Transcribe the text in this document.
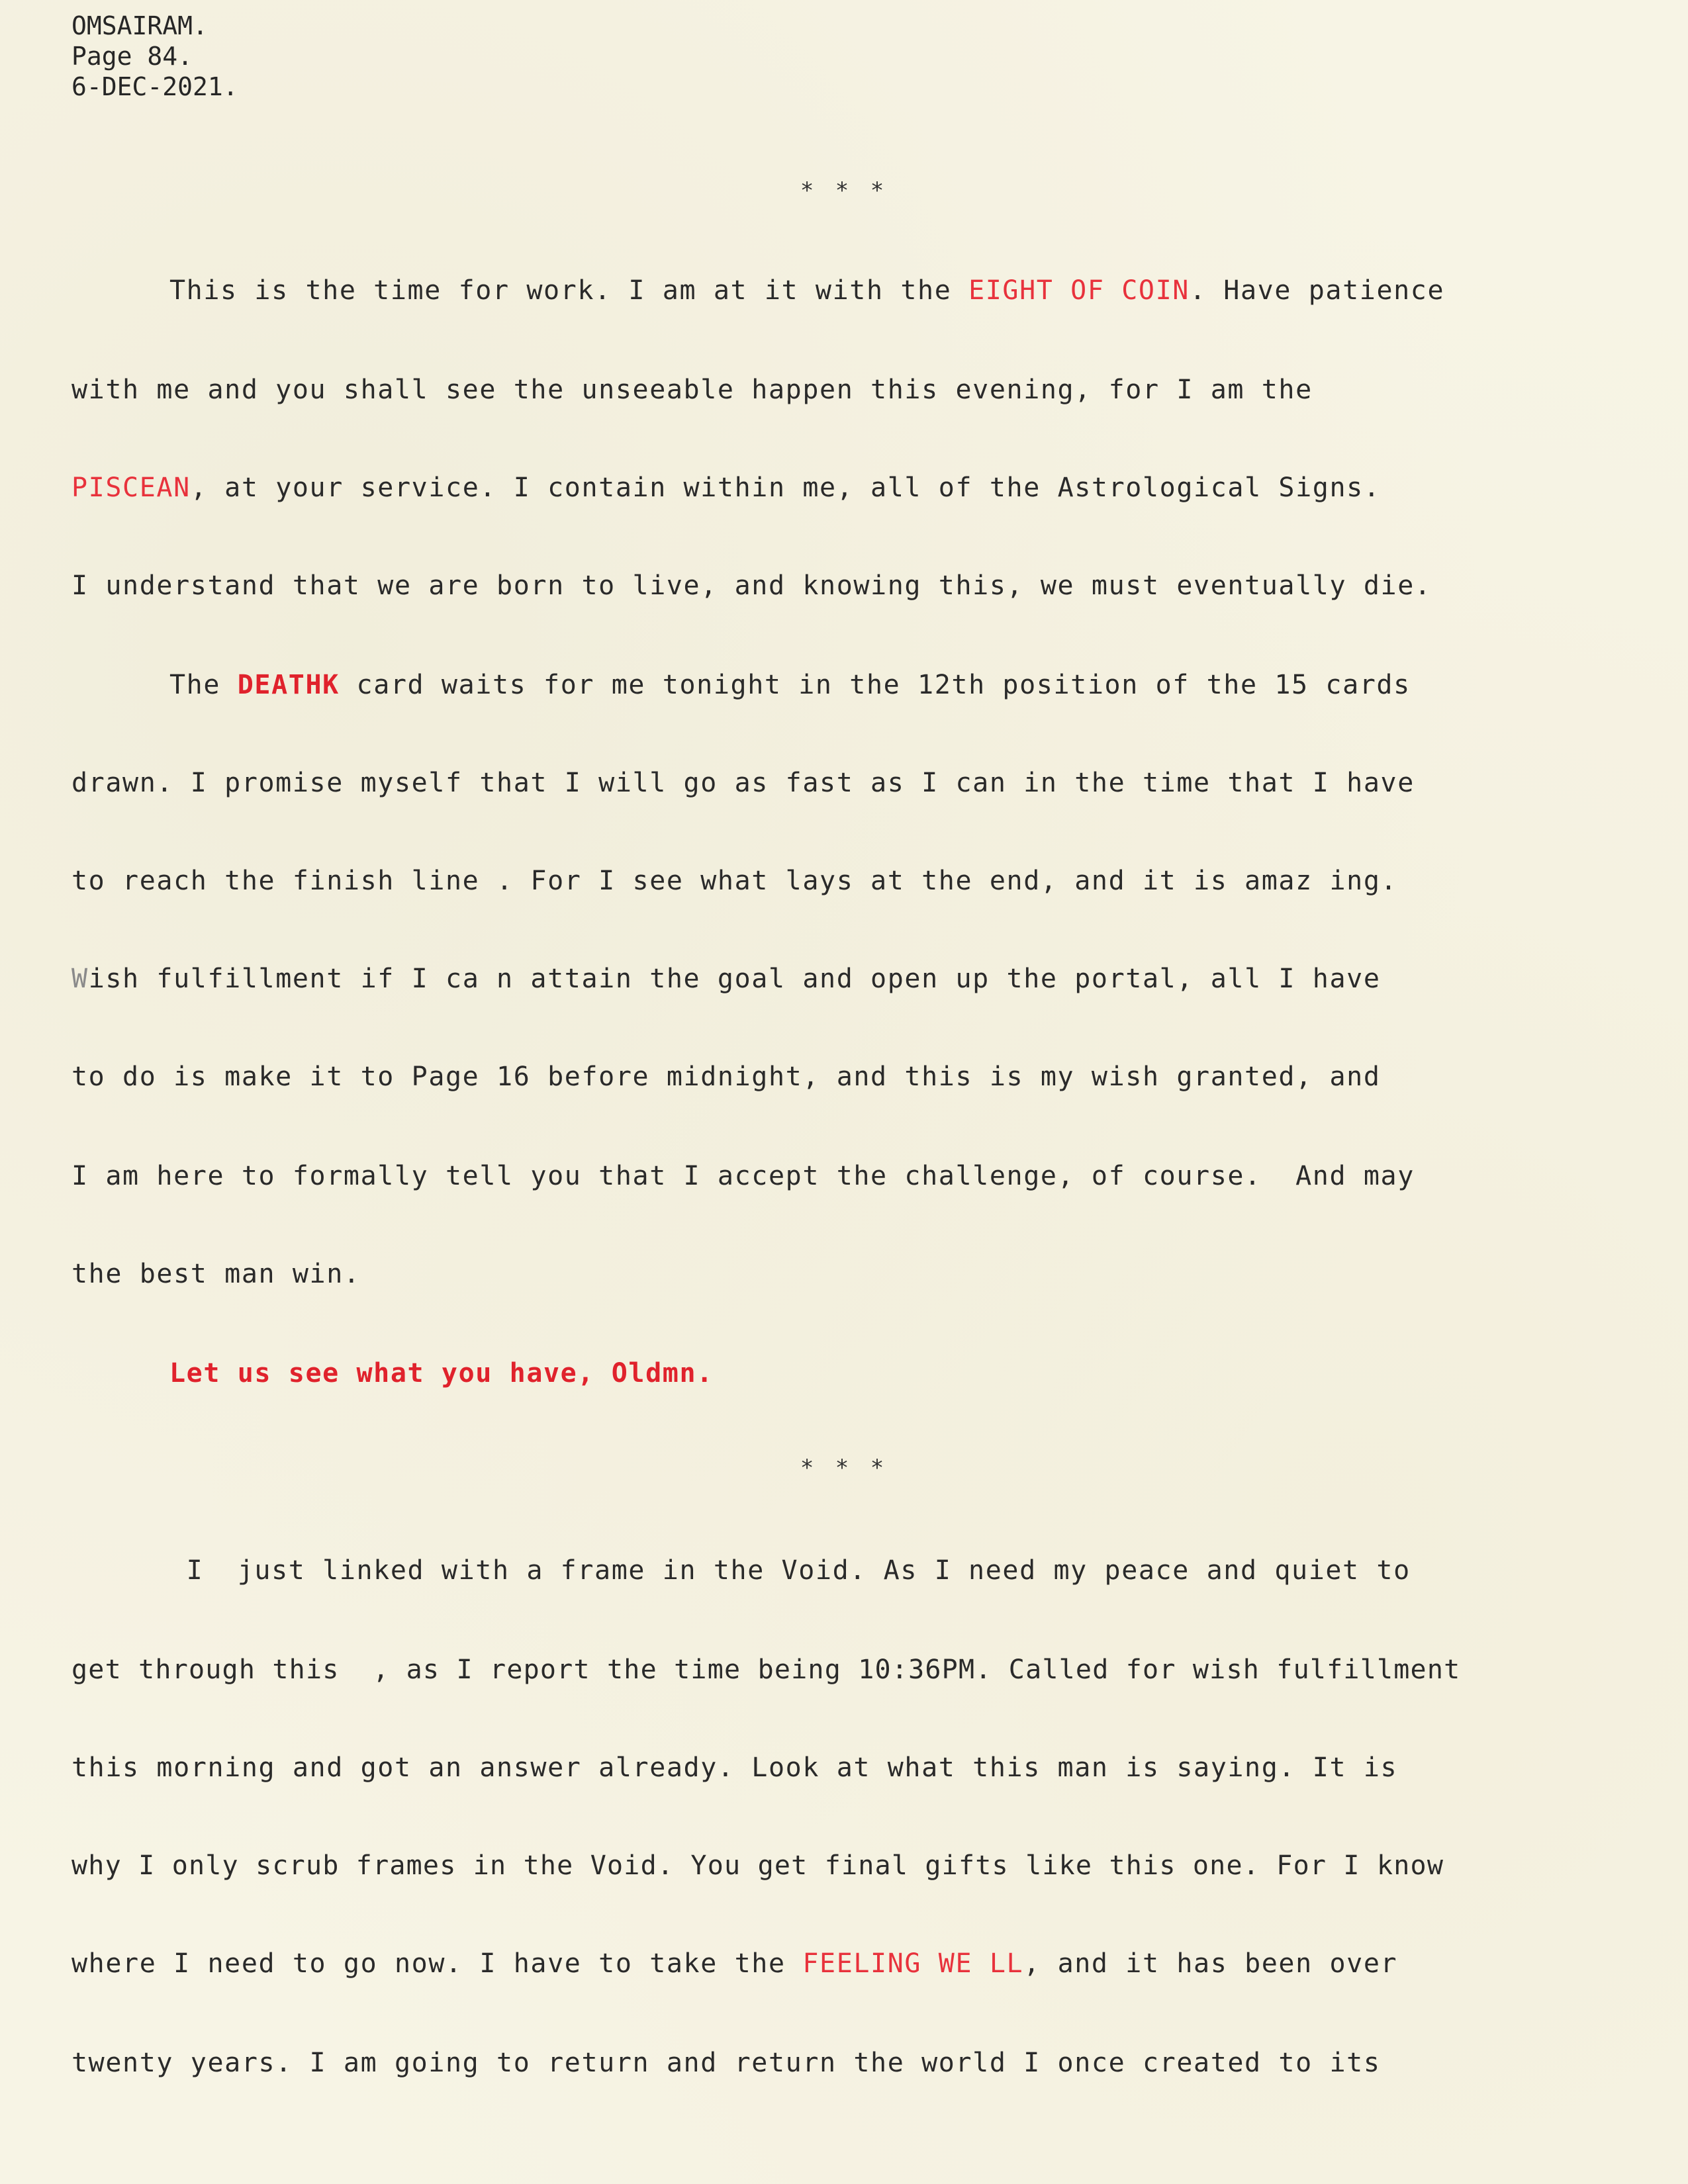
OMSAIRAM.
Page 84.
6-DEC-2021.
* * *
This is the time for work. I am at it with the EIGHT OF COIN. Have patience
with me and you shall see the unseeable happen this evening, for I am the
PISCEAN, at your service. I contain within me, all of the Astrological Signs.
I understand that we are born to live, and knowing this, we must eventually die.
The DEATHK card waits for me tonight in the 12th position of the 15 cards
drawn. I promise myself that I will go as fast as I can in the time that I have
to reach the finish line . For I see what lays at the end, and it is amaz ing.
Wish fulfillment if I ca n attain the goal and open up the portal, all I have
to do is make it to Page 16 before midnight, and this is my wish granted, and
I am here to formally tell you that I accept the challenge, of course.  And may
the best man win.
Let us see what you have, Oldmn.
* * *
I  just linked with a frame in the Void. As I need my peace and quiet to
get through this  , as I report the time being 10:36PM. Called for wish fulfillment
this morning and got an answer already. Look at what this man is saying. It is
why I only scrub frames in the Void. You get final gifts like this one. For I know
where I need to go now. I have to take the FEELING WE LL, and it has been over
twenty years. I am going to return and return the world I once created to its
